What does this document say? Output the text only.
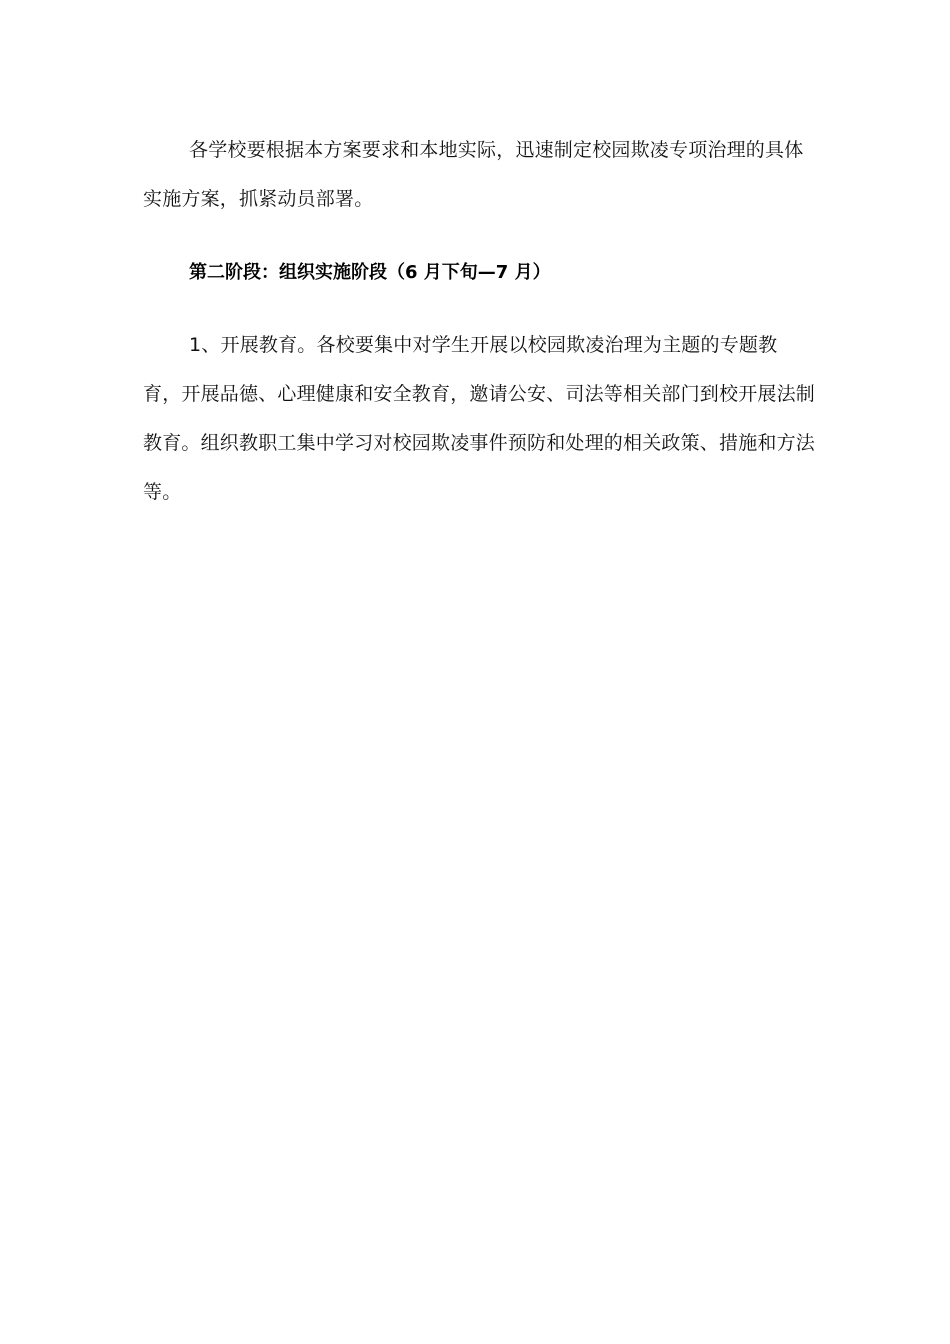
各学校要根据本方案要求和本地实际，迅速制定校园欺凌专项治理的具体实施方案，抓紧动员部署。

第二阶段：组织实施阶段（6 月下旬—7 月）

1、开展教育。各校要集中对学生开展以校园欺凌治理为主题的专题教育，开展品德、心理健康和安全教育，邀请公安、司法等相关部门到校开展法制教育。组织教职工集中学习对校园欺凌事件预防和处理的相关政策、措施和方法等。
